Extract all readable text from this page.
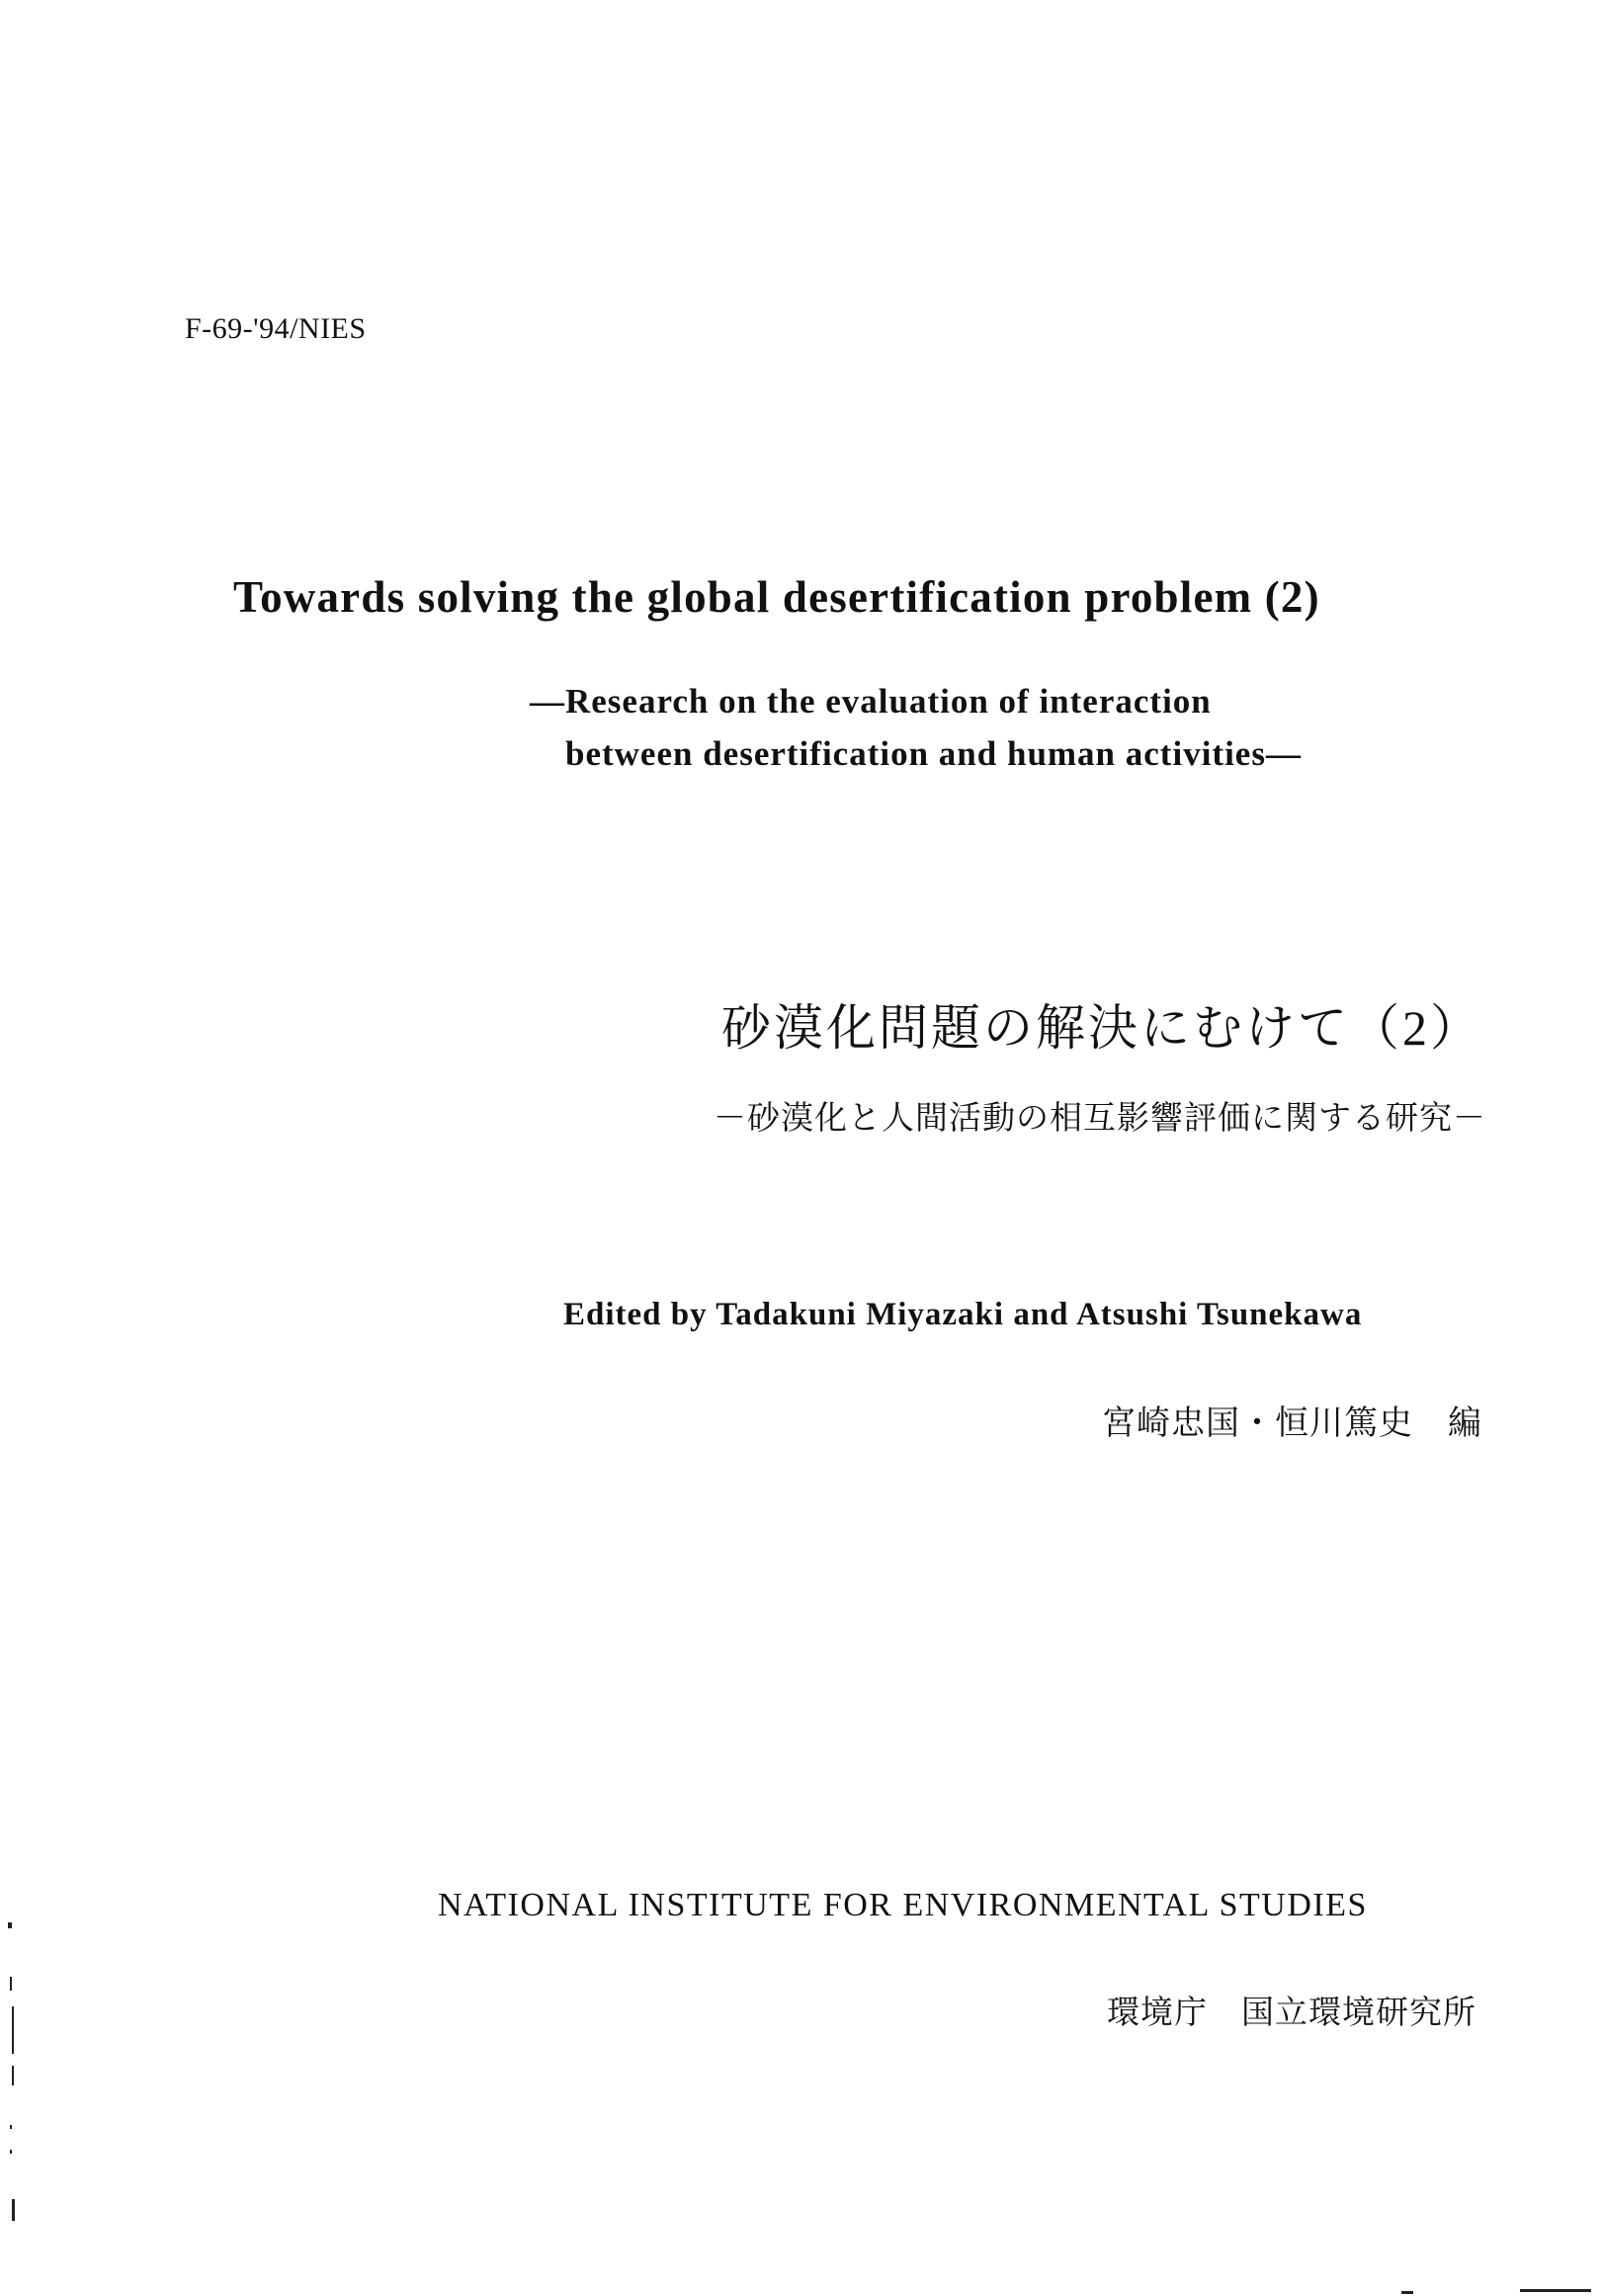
F-69-'94/NIES
Towards solving the global desertification problem (2)
—Research on the evaluation of interaction
between desertification and human activities—
砂漠化問題の解決にむけて（2）
－砂漠化と人間活動の相互影響評価に関する研究－
Edited by Tadakuni Miyazaki and Atsushi Tsunekawa
宮崎忠国・恒川篤史　編
NATIONAL INSTITUTE FOR ENVIRONMENTAL STUDIES
環境庁　国立環境研究所
